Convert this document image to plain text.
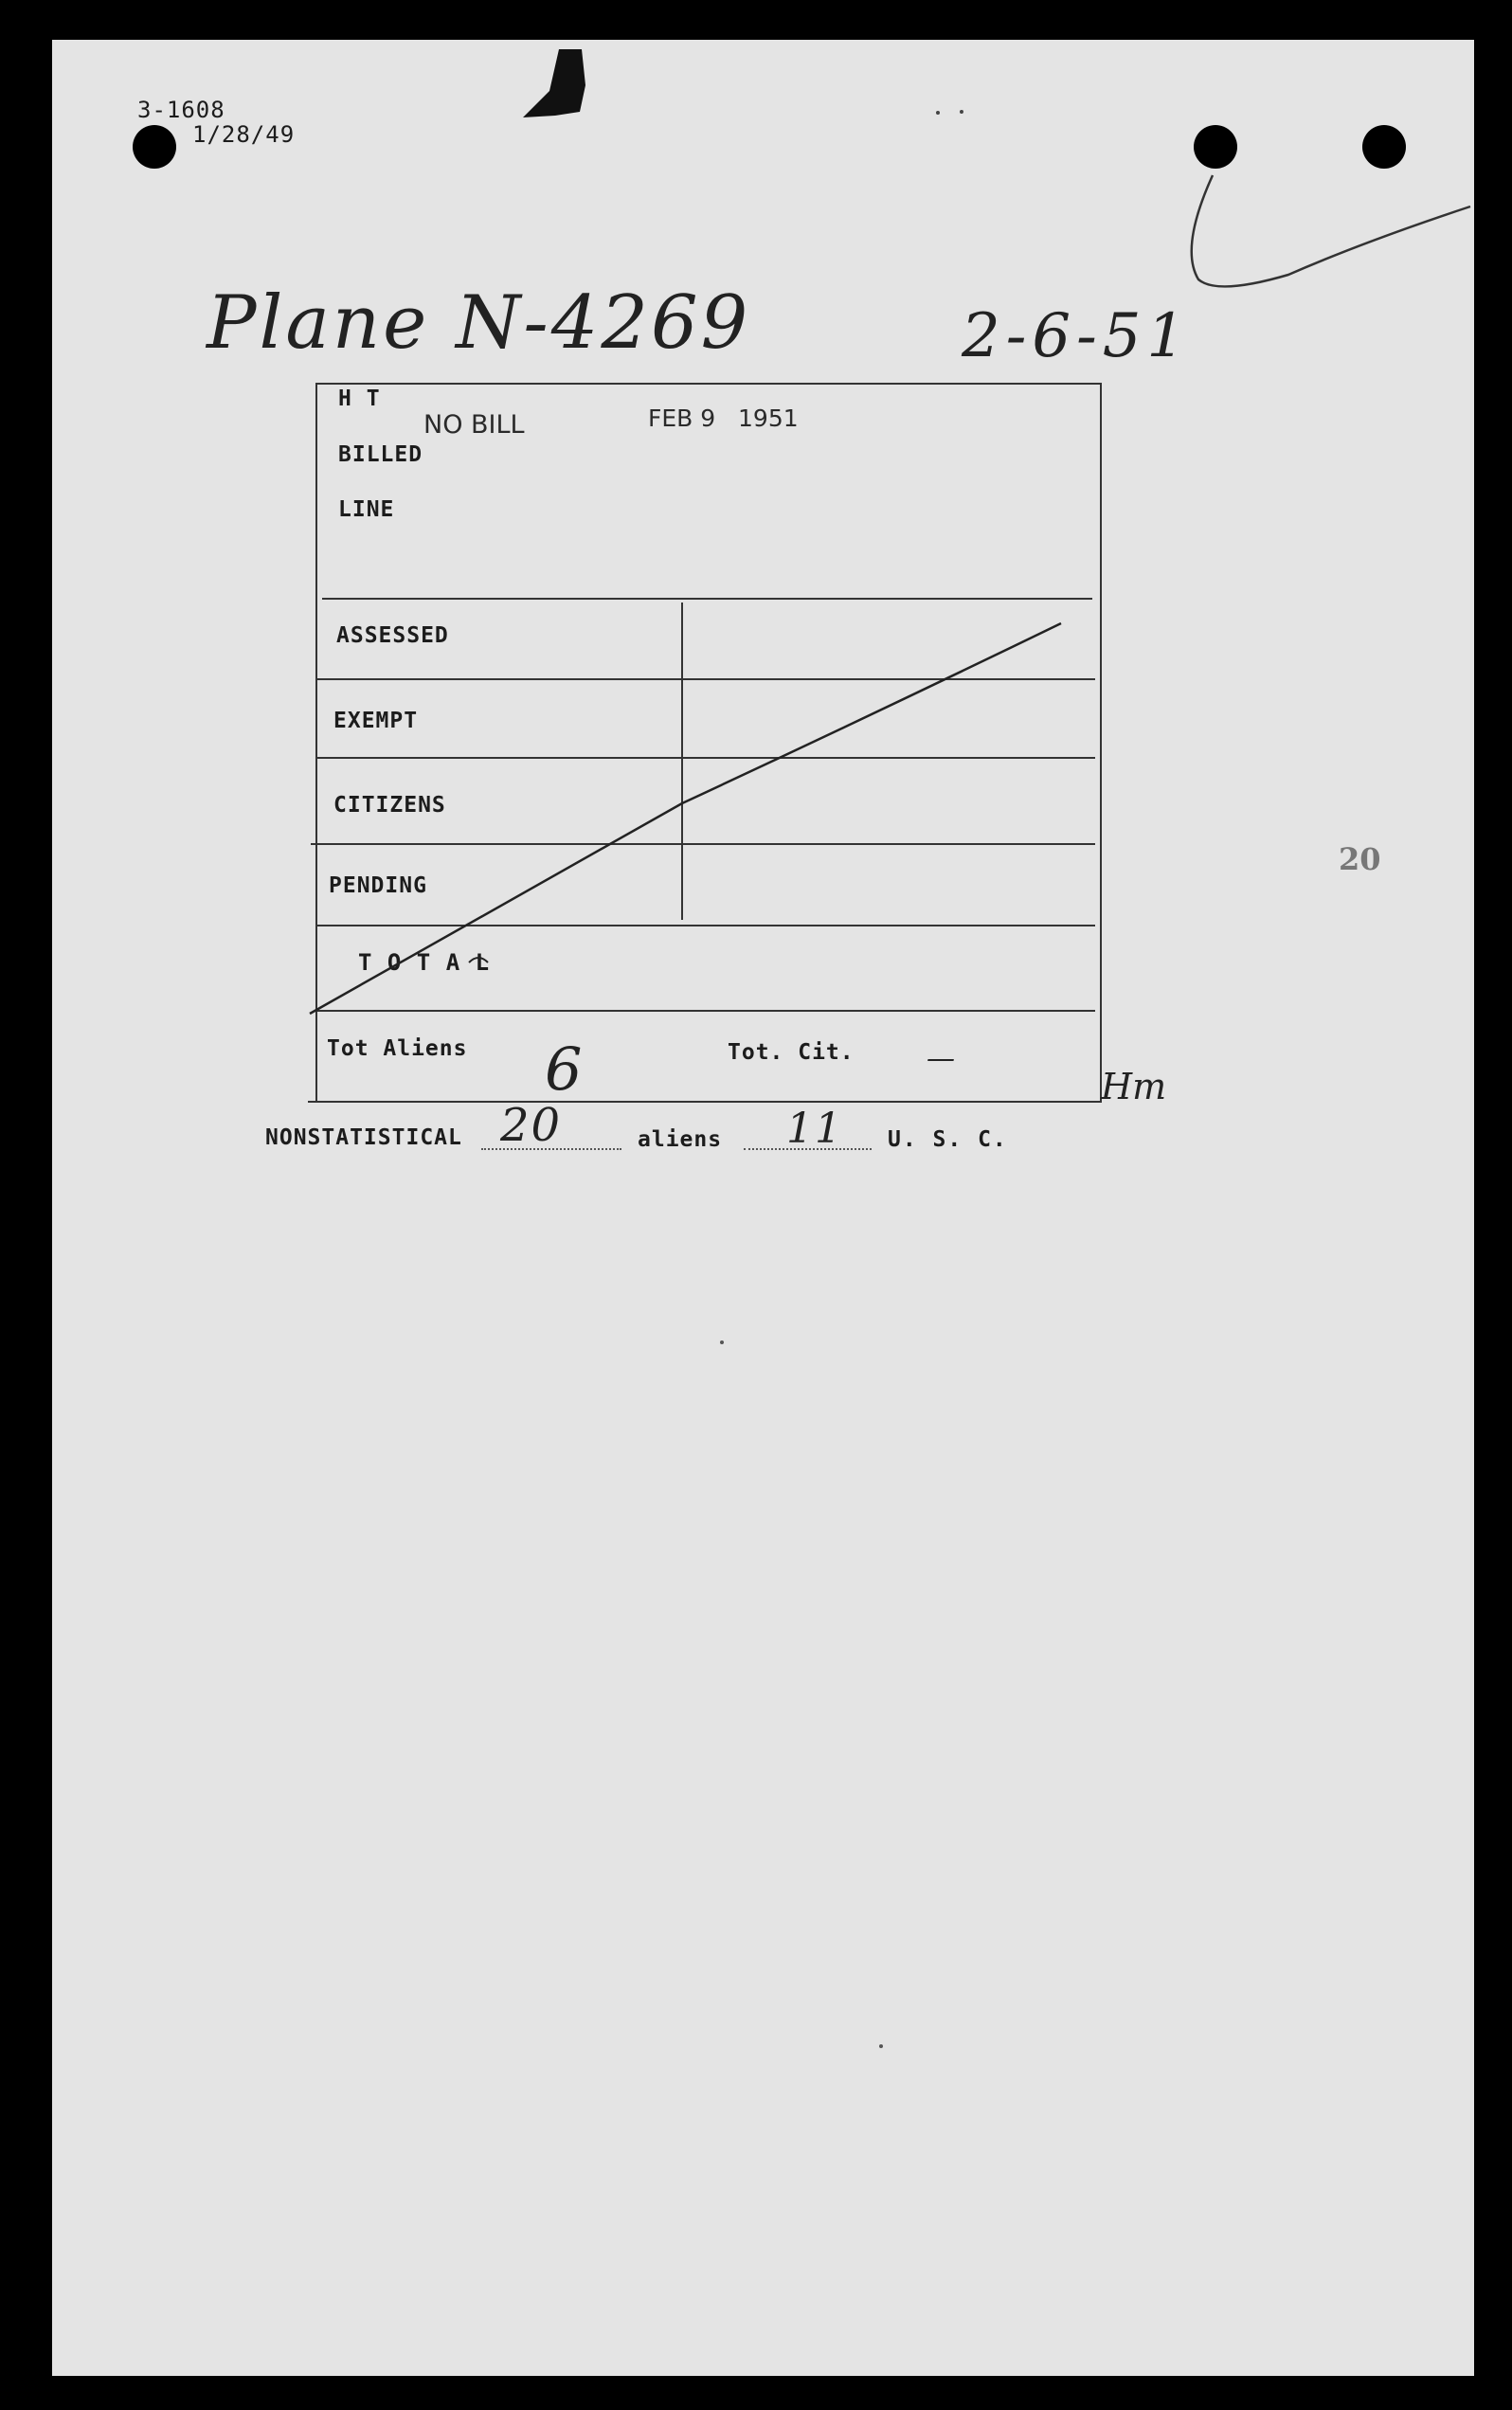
3-1608
1/28/49
Plane N-4269	2-6-51
H T
BILLED
LINE
NO BILL	FEB 9   1951
ASSESSED
EXEMPT
CITIZENS
PENDING
T O T A L
Tot Aliens 6	Tot. Cit.	—
Hm
NONSTATISTICAL 20	aliens 11 U. S. C.
20
